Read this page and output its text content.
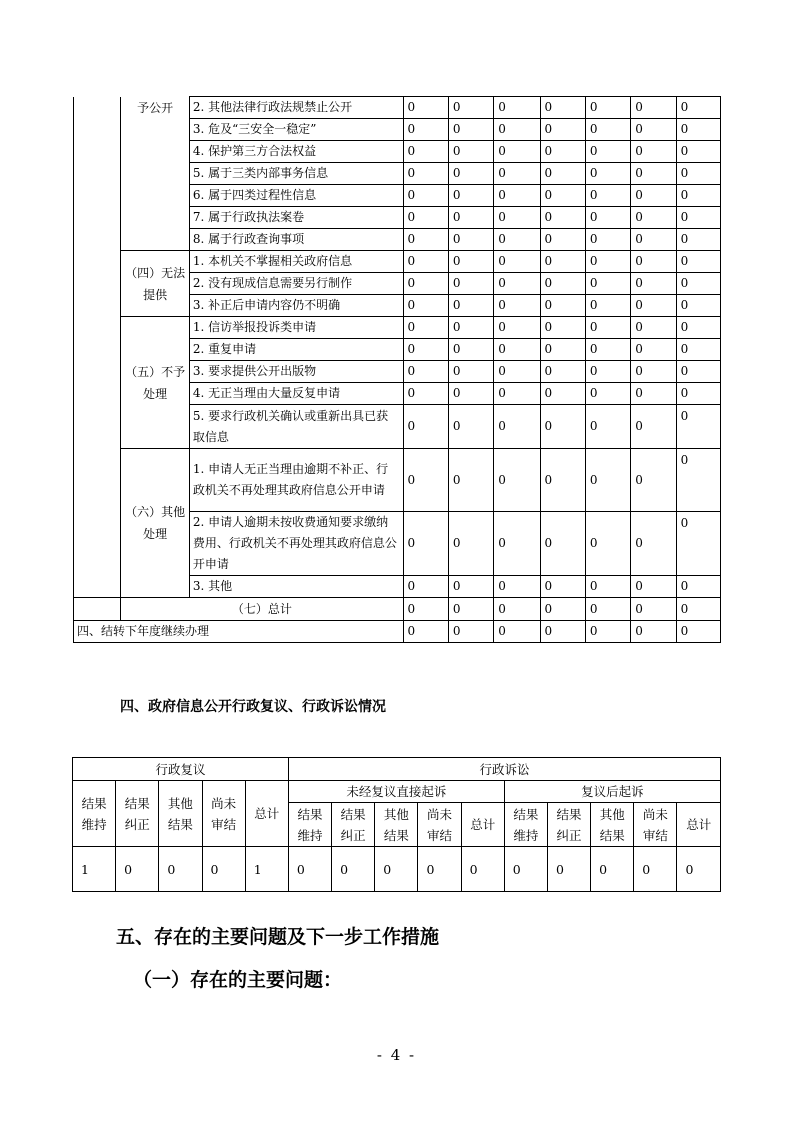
	予公开	2. 其他法律行政法规禁止公开	0	0	0	0	0	0	0
		3. 危及“三安全一稳定”	0	0	0	0	0	0	0
		4. 保护第三方合法权益	0	0	0	0	0	0	0
		5. 属于三类内部事务信息	0	0	0	0	0	0	0
		6. 属于四类过程性信息	0	0	0	0	0	0	0
		7. 属于行政执法案卷	0	0	0	0	0	0	0
		8. 属于行政查询事项	0	0	0	0	0	0	0
	（四）无法提供	1. 本机关不掌握相关政府信息	0	0	0	0	0	0	0
		2. 没有现成信息需要另行制作	0	0	0	0	0	0	0
		3. 补正后申请内容仍不明确	0	0	0	0	0	0	0
	（五）不予处理	1. 信访举报投诉类申请	0	0	0	0	0	0	0
		2. 重复申请	0	0	0	0	0	0	0
		3. 要求提供公开出版物	0	0	0	0	0	0	0
		4. 无正当理由大量反复申请	0	0	0	0	0	0	0
		5. 要求行政机关确认或重新出具已获取信息	0	0	0	0	0	0	0
	（六）其他处理	1. 申请人无正当理由逾期不补正、行政机关不再处理其政府信息公开申请	0	0	0	0	0	0	0
		2. 申请人逾期未按收费通知要求缴纳费用、行政机关不再处理其政府信息公开申请	0	0	0	0	0	0	0
		3. 其他	0	0	0	0	0	0	0
	（七）总计		0	0	0	0	0	0	0
四、结转下年度继续办理			0	0	0	0	0	0	0
四、政府信息公开行政复议、行政诉讼情况
行政复议					行政诉讼									
结果维持	结果纠正	其他结果	尚未审结	总计	未经复议直接起诉					复议后起诉				
					结果维持	结果纠正	其他结果	尚未审结	总计	结果维持	结果纠正	其他结果	尚未审结	总计
1	0	0	0	1	0	0	0	0	0	0	0	0	0	0
五、存在的主要问题及下一步工作措施
（一）存在的主要问题：
- 4 -
